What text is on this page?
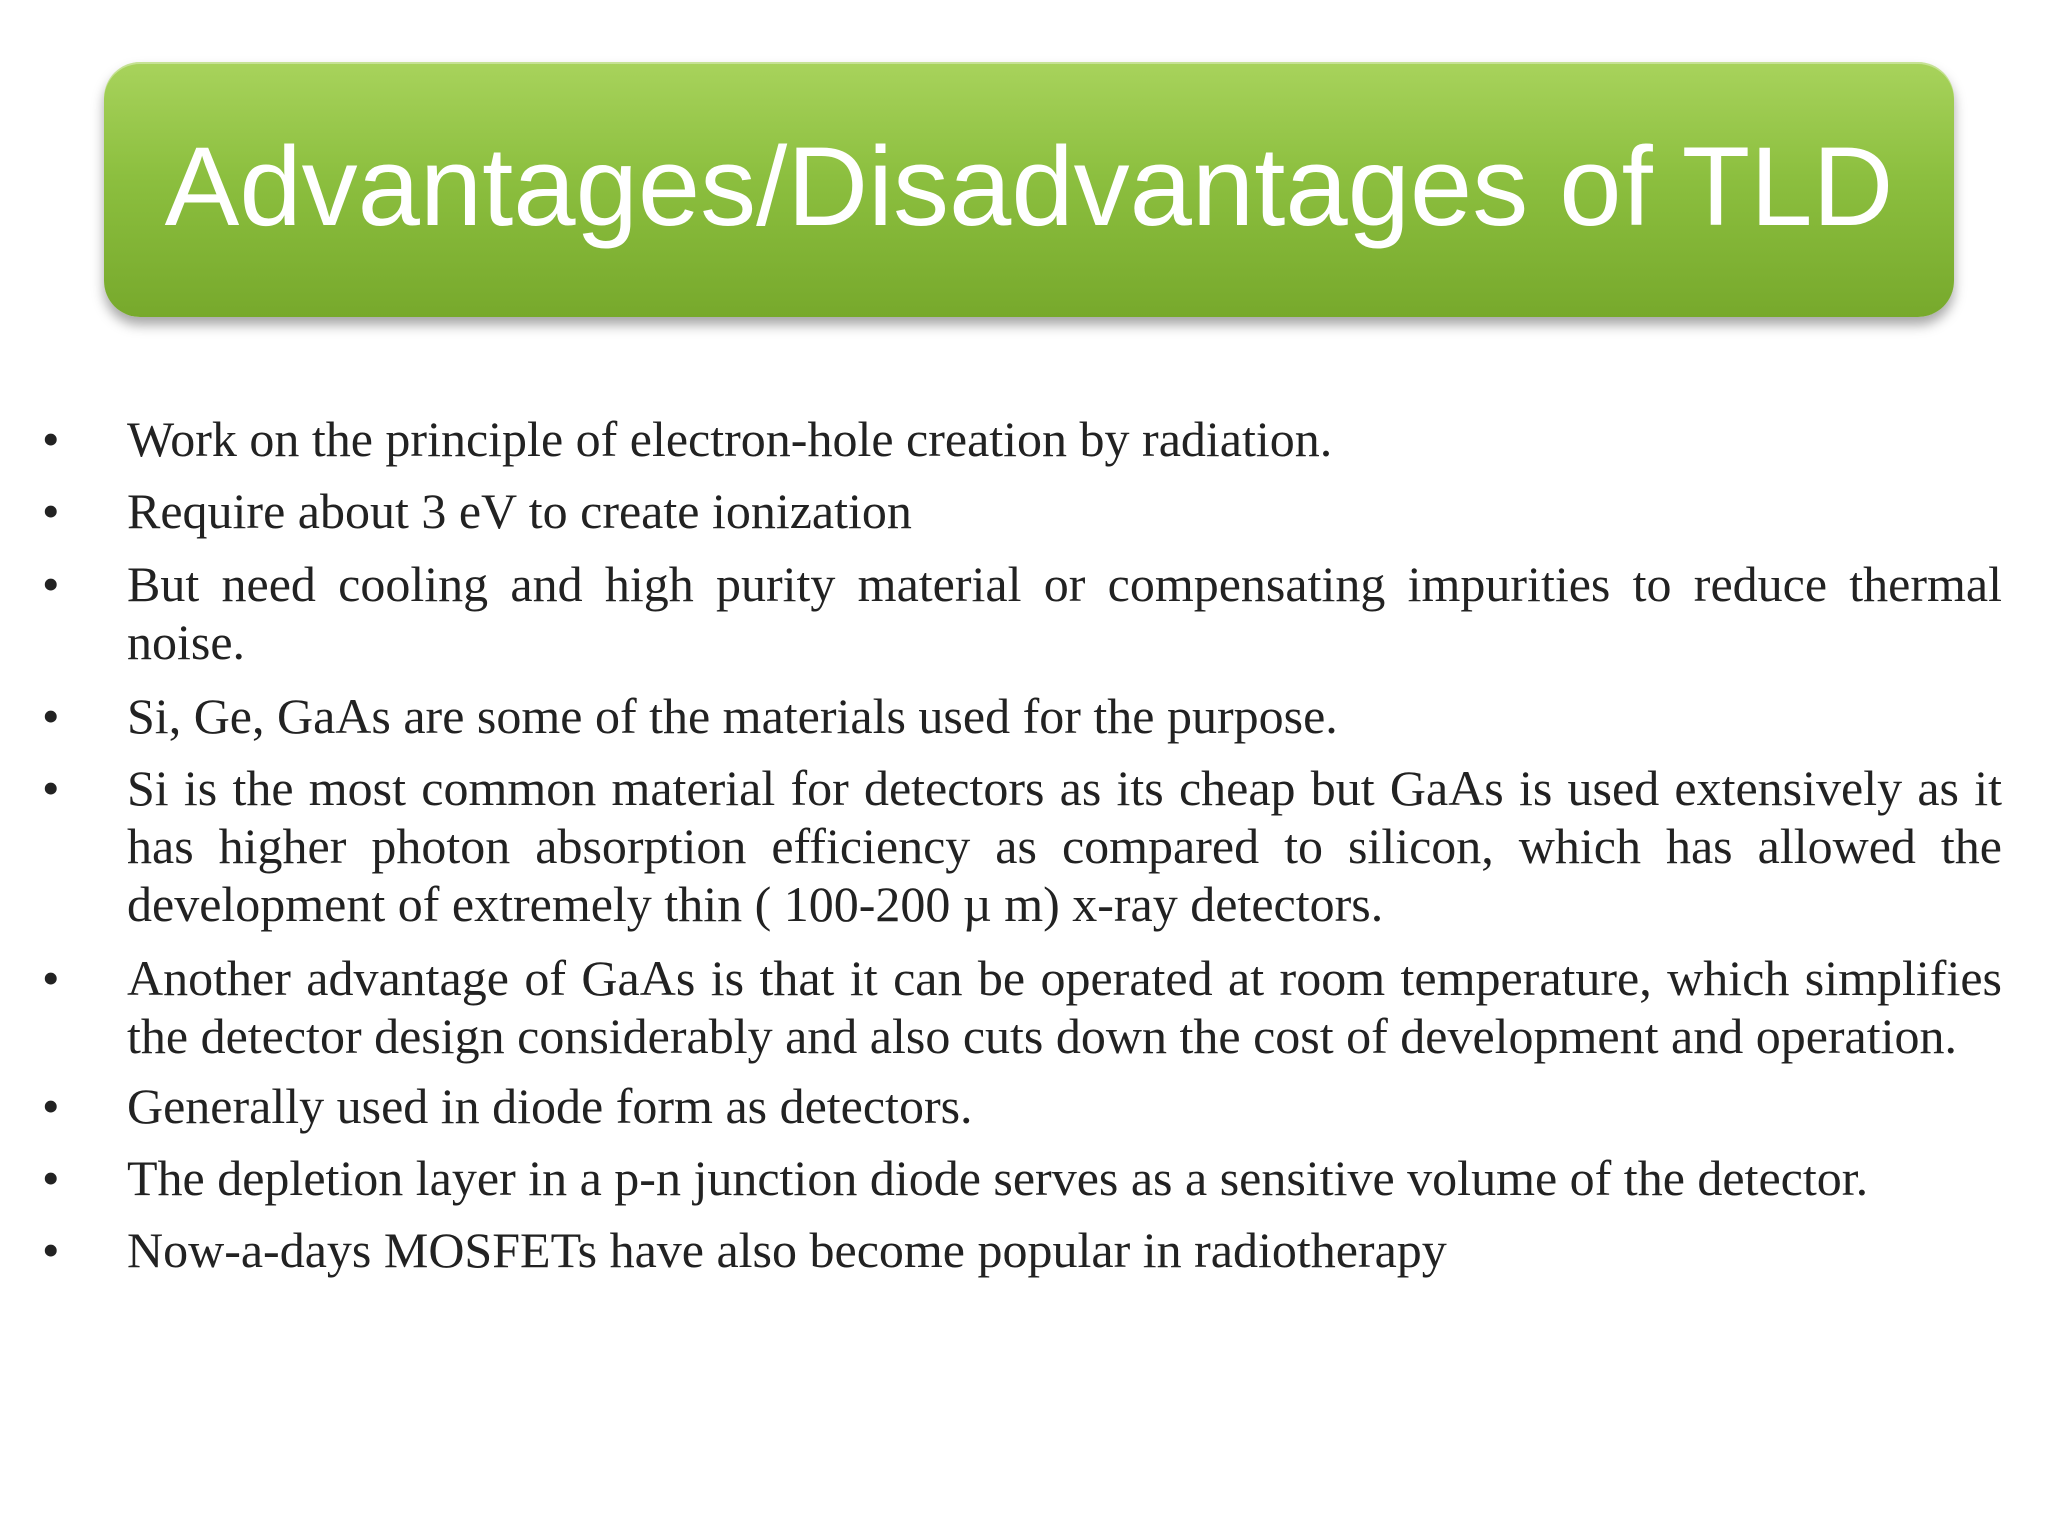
Advantages/Disadvantages of TLD
• Work on the principle of electron-hole creation by radiation.
• Require about 3 eV to create ionization
• But need cooling and high purity material or compensating impurities to reduce thermal noise.
• Si, Ge, GaAs are some of the materials used for the purpose.
• Si is the most common material for detectors as its cheap but GaAs is used extensively as it has higher photon absorption efficiency as compared to silicon, which has allowed the development of extremely thin ( 100-200 µ m) x-ray detectors.
• Another advantage of GaAs is that it can be operated at room temperature, which simplifies the detector design considerably and also cuts down the cost of development and operation.
• Generally used in diode form as detectors.
• The depletion layer in a p-n junction diode serves as a sensitive volume of the detector.
• Now-a-days MOSFETs have also become popular in radiotherapy
